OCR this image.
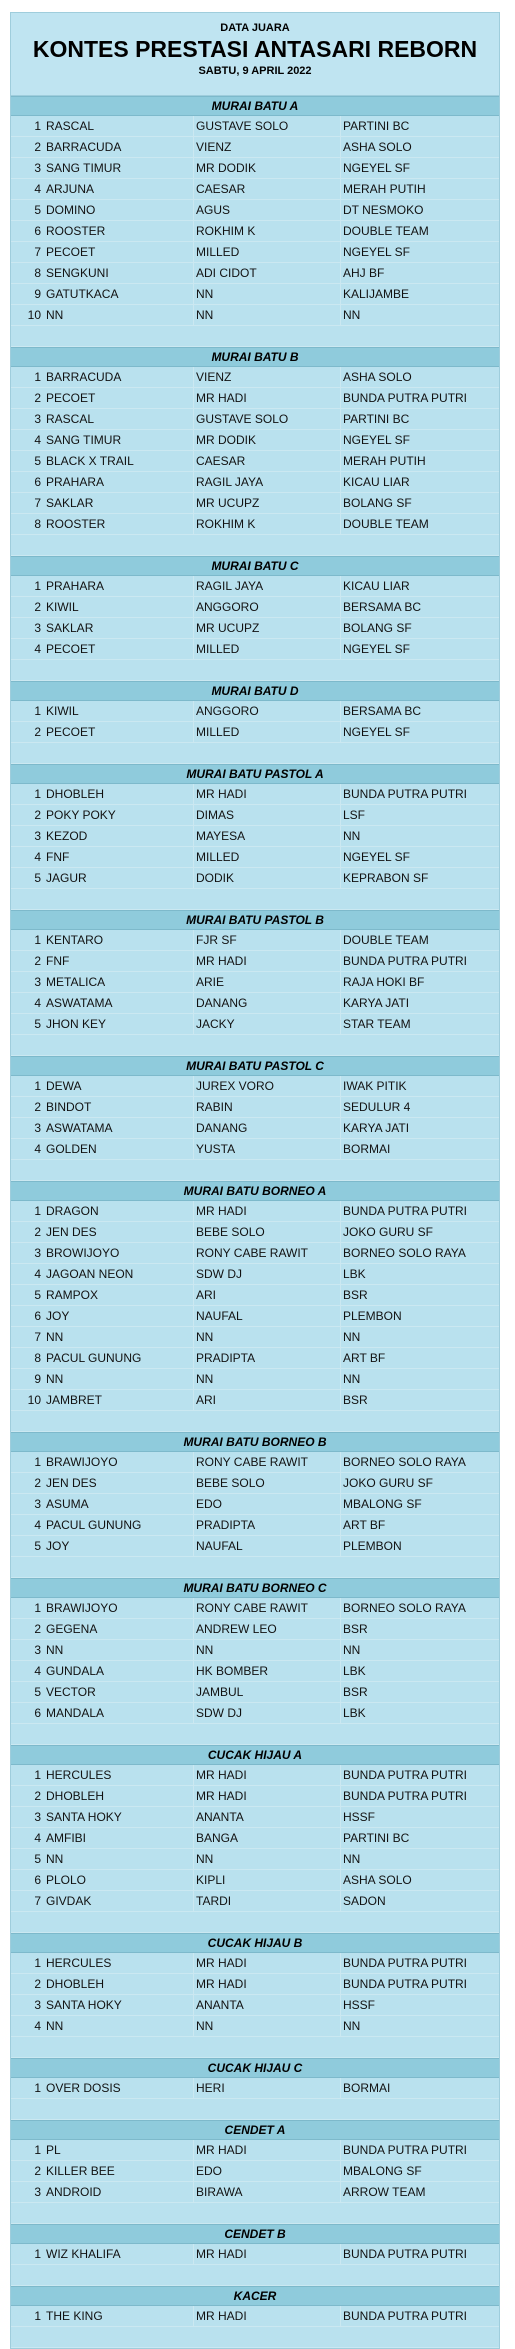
DATA JUARA
KONTES PRESTASI ANTASARI REBORN
SABTU, 9 APRIL 2022
MURAI BATU A
1 RASCAL	GUSTAVE SOLO	PARTINI BC
2 BARRACUDA	VIENZ	ASHA SOLO
3 SANG TIMUR	MR DODIK	NGEYEL SF
4 ARJUNA	CAESAR	MERAH PUTIH
5 DOMINO	AGUS	DT NESMOKO
6 ROOSTER	ROKHIM K	DOUBLE TEAM
7 PECOET	MILLED	NGEYEL SF
8 SENGKUNI	ADI CIDOT	AHJ BF
9 GATUTKACA	NN	KALIJAMBE
10 NN	NN	NN
MURAI BATU B
1 BARRACUDA	VIENZ	ASHA SOLO
2 PECOET	MR HADI	BUNDA PUTRA PUTRI
3 RASCAL	GUSTAVE SOLO	PARTINI BC
4 SANG TIMUR	MR DODIK	NGEYEL SF
5 BLACK X TRAIL	CAESAR	MERAH PUTIH
6 PRAHARA	RAGIL JAYA	KICAU LIAR
7 SAKLAR	MR UCUPZ	BOLANG SF
8 ROOSTER	ROKHIM K	DOUBLE TEAM
MURAI BATU C
1 PRAHARA	RAGIL JAYA	KICAU LIAR
2 KIWIL	ANGGORO	BERSAMA BC
3 SAKLAR	MR UCUPZ	BOLANG SF
4 PECOET	MILLED	NGEYEL SF
MURAI BATU D
1 KIWIL	ANGGORO	BERSAMA BC
2 PECOET	MILLED	NGEYEL SF
MURAI BATU PASTOL A
1 DHOBLEH	MR HADI	BUNDA PUTRA PUTRI
2 POKY POKY	DIMAS	LSF
3 KEZOD	MAYESA	NN
4 FNF	MILLED	NGEYEL SF
5 JAGUR	DODIK	KEPRABON SF
MURAI BATU PASTOL B
1 KENTARO	FJR SF	DOUBLE TEAM
2 FNF	MR HADI	BUNDA PUTRA PUTRI
3 METALICA	ARIE	RAJA HOKI BF
4 ASWATAMA	DANANG	KARYA JATI
5 JHON KEY	JACKY	STAR TEAM
MURAI BATU PASTOL C
1 DEWA	JUREX VORO	IWAK PITIK
2 BINDOT	RABIN	SEDULUR 4
3 ASWATAMA	DANANG	KARYA JATI
4 GOLDEN	YUSTA	BORMAI
MURAI BATU BORNEO A
1 DRAGON	MR HADI	BUNDA PUTRA PUTRI
2 JEN DES	BEBE SOLO	JOKO GURU SF
3 BROWIJOYO	RONY CABE RAWIT	BORNEO SOLO RAYA
4 JAGOAN NEON	SDW DJ	LBK
5 RAMPOX	ARI	BSR
6 JOY	NAUFAL	PLEMBON
7 NN	NN	NN
8 PACUL GUNUNG	PRADIPTA	ART BF
9 NN	NN	NN
10 JAMBRET	ARI	BSR
MURAI BATU BORNEO B
1 BRAWIJOYO	RONY CABE RAWIT	BORNEO SOLO RAYA
2 JEN DES	BEBE SOLO	JOKO GURU SF
3 ASUMA	EDO	MBALONG SF
4 PACUL GUNUNG	PRADIPTA	ART BF
5 JOY	NAUFAL	PLEMBON
MURAI BATU BORNEO C
1 BRAWIJOYO	RONY CABE RAWIT	BORNEO SOLO RAYA
2 GEGENA	ANDREW LEO	BSR
3 NN	NN	NN
4 GUNDALA	HK BOMBER	LBK
5 VECTOR	JAMBUL	BSR
6 MANDALA	SDW DJ	LBK
CUCAK HIJAU A
1 HERCULES	MR HADI	BUNDA PUTRA PUTRI
2 DHOBLEH	MR HADI	BUNDA PUTRA PUTRI
3 SANTA HOKY	ANANTA	HSSF
4 AMFIBI	BANGA	PARTINI BC
5 NN	NN	NN
6 PLOLO	KIPLI	ASHA SOLO
7 GIVDAK	TARDI	SADON
CUCAK HIJAU B
1 HERCULES	MR HADI	BUNDA PUTRA PUTRI
2 DHOBLEH	MR HADI	BUNDA PUTRA PUTRI
3 SANTA HOKY	ANANTA	HSSF
4 NN	NN	NN
CUCAK HIJAU C
1 OVER DOSIS	HERI	BORMAI
CENDET A
1 PL	MR HADI	BUNDA PUTRA PUTRI
2 KILLER BEE	EDO	MBALONG SF
3 ANDROID	BIRAWA	ARROW TEAM
CENDET B
1 WIZ KHALIFA	MR HADI	BUNDA PUTRA PUTRI
KACER
1 THE KING	MR HADI	BUNDA PUTRA PUTRI
